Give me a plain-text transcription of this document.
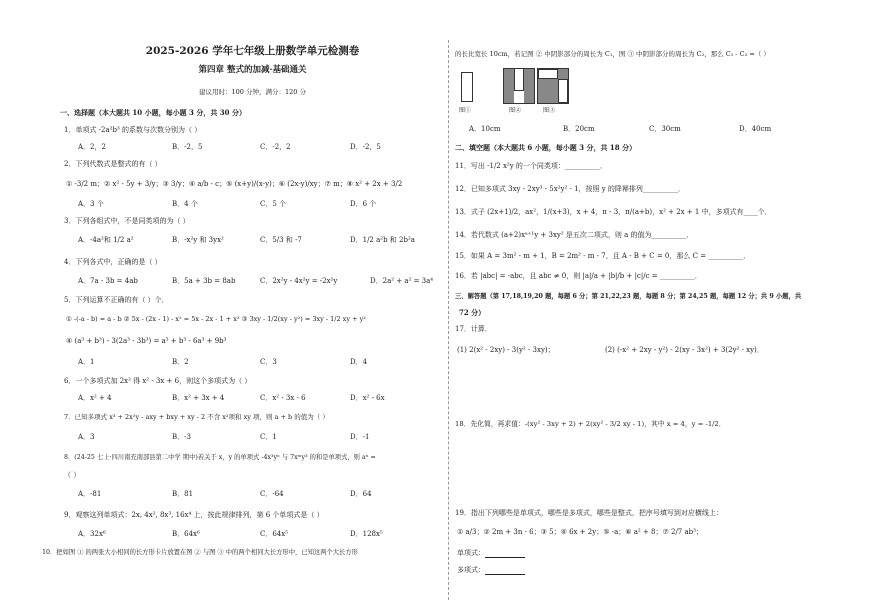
2025-2026 学年七年级上册数学单元检测卷
第四章 整式的加减·基础通关
建议用时：100 分钟，满分：120 分
一、选择题（本大题共 10 小题，每小题 3 分，共 30 分）
1．单项式 -2a²b³ 的系数与次数分别为（ ）
A．2，2	B．-2，5	C．-2，2	D．-2，5
2．下列代数式是整式的有（ ）
① -3/2 m；② x² - 5y + 3/y；③ 3/y；④ a/b - c；⑤ (x+y)/(x-y)；⑥ (2x-y)/xy；⑦ m；⑧ x² + 2x + 3/2
A．3 个	B．4 个	C．5 个	D．6 个
3．下列各组式中，不是同类项的为（ ）
A．-4a²和 1/2 a²	B．-x²y 和 3yx²	C．5/3 和 -7	D．1/2 a²b 和 2b²a
4．下列各式中，正确的是（ ）
A．7a - 3b = 4ab	B．5a + 3b = 8ab	C．2x²y - 4x²y = -2x²y	D．2a² + a² = 3a⁴
5．下列运算不正确的有（ ）个．
① -(-a - b) = a - b ② 5x - (2x - 1) - x² = 5x - 2x - 1 + x² ③ 3xy - 1/2(xy - y²) = 3xy - 1/2 xy + y²
④ (a³ + b³) - 3(2a³ - 3b³) = a³ + b³ - 6a³ + 9b³
A．1	B．2	C．3	D．4
6．一个多项式加 2x² 得 x² - 3x + 6，则这个多项式为（ ）
A．x² + 4	B．x² + 3x + 4	C．x² - 3x - 6	D．x² - 6x
7．已知多项式 x³ + 2x²y - axy + bxy + xy - 2 不含 x²项和 xy 项，则 a + b 的值为（ ）
A．3	B．-3	C．1	D．-1
8．(24-25 七上·四川南充南部县第二中学 期中)若关于 x，y 的单项式 -4x³yⁿ 与 7xᵐy³ 的和是单项式，则 aⁿ =
（ ）
A．-81	B．81	C．-64	D．64
9．观察这列单项式：2x, 4x², 8x³, 16x⁴ 上，按此规律排列，第 6 个单项式是（ ）
A．32x⁶	B．64x⁶	C．64x⁵	D．128x⁵
10．把如图 ① 的两张大小相同的长方形卡片放置在图 ② 与图 ③ 中的两个相同大长方形中，已知这两个大长方形
的长比宽长 10cm，若记图 ② 中阴影部分的周长为 C₁，图 ③ 中阴影部分的周长为 C₂，那么 C₁ - C₂ =（ ）
图①	图②	图③
A．10cm	B．20cm	C．30cm	D．40cm
二、填空题（本大题共 6 小题，每小题 3 分，共 18 分）
11．写出 -1/2 x²y 的一个同类项：__________．
12．已知多项式 3xy - 2xy³ - 5x²y² - 1，按照 y 的降幂排列__________．
13．式子 (2x+1)/2，ax²，1/(x+3)，x + 4，π - 3，π/(a+b)，x² + 2x + 1 中，多项式有____个．
14．若代数式 (a+2)xᵃ⁺¹y + 3xy² 是五次二项式，则 a 的值为__________．
15．如果 A = 3m² - m + 1，B = 2m² - m - 7，且 A - B + C = 0，那么 C = __________．
16．若 |abc| = -abc，且 abc ≠ 0，则 |a|/a + |b|/b + |c|/c = __________．
三、解答题（第 17,18,19,20 题，每题 6 分；第 21,22,23 题，每题 8 分；第 24,25 题，每题 12 分；共 9 小题，共
72 分）
17．计算．
(1) 2(x² - 2xy) - 3(y² - 3xy)；	(2) (-x² + 2xy - y²) - 2(xy - 3x²) + 3(2y² - xy)．
18．先化简，再求值：-(xy² - 3xy + 2) + 2(xy² - 3/2 xy - 1)，其中 x = 4，y = -1/2．
19．指出下列哪些是单项式，哪些是多项式，哪些是整式，把序号填写到对应横线上：
① a/3；② 2m + 3n - 6；③ 5；④ 6x + 2y；⑤ -a；⑥ a² + 8；⑦ 2/7 ab³；
单项式：
多项式：
